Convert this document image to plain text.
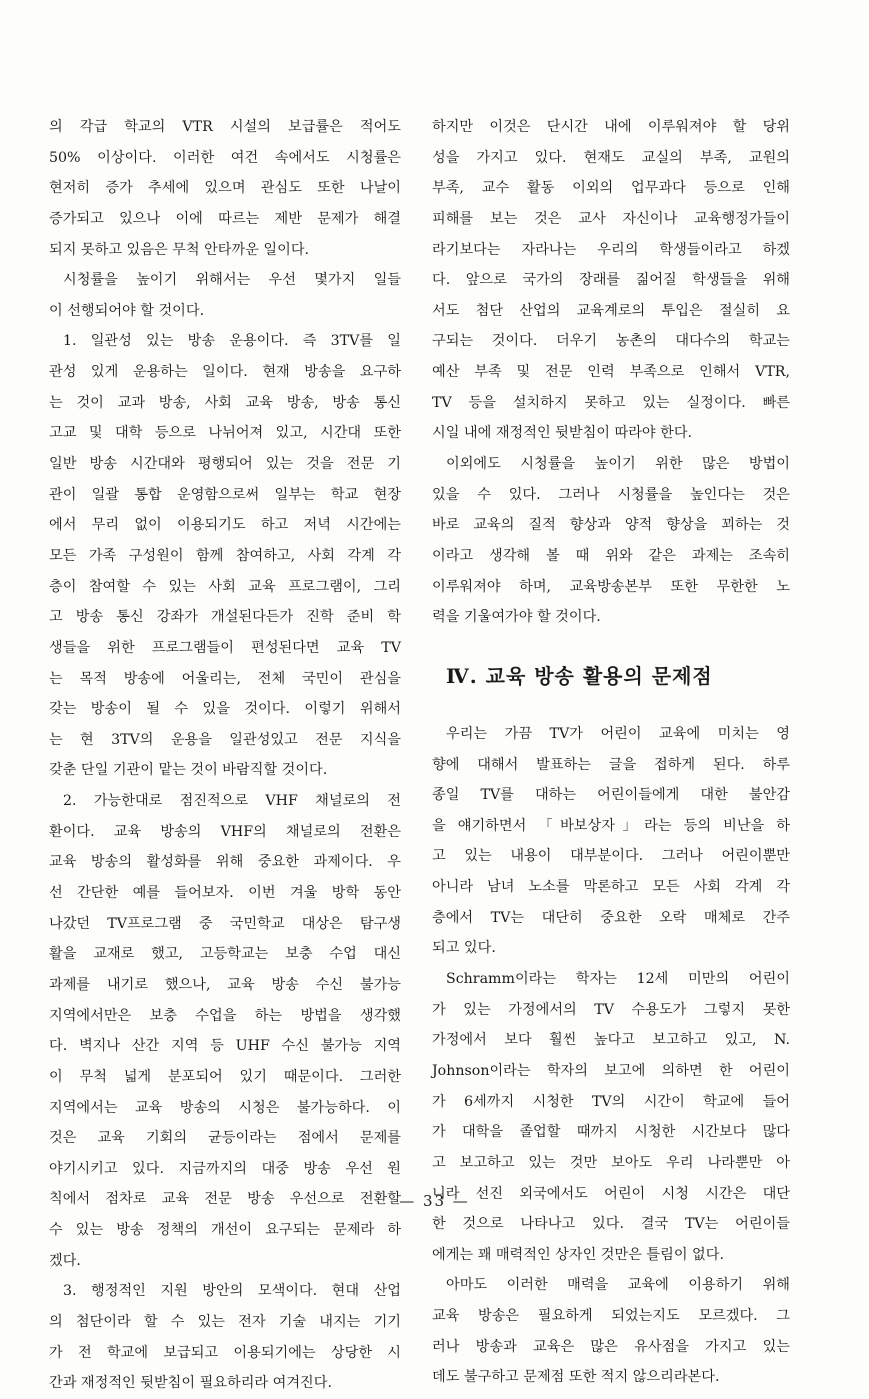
의 각급 학교의 VTR 시설의 보급률은 적어도
50% 이상이다. 이러한 여건 속에서도 시청률은
현저히 증가 추세에 있으며 관심도 또한 나날이
증가되고 있으나 이에 따르는 제반 문제가 해결
되지 못하고 있음은 무척 안타까운 일이다.
시청률을 높이기 위해서는 우선 몇가지 일들
이 선행되어야 할 것이다.
1. 일관성 있는 방송 운용이다. 즉 3TV를 일
관성 있게 운용하는 일이다. 현재 방송을 요구하
는 것이 교과 방송, 사회 교육 방송, 방송 통신
고교 및 대학 등으로 나뉘어져 있고, 시간대 또한
일반 방송 시간대와 평행되어 있는 것을 전문 기
관이 일괄 통합 운영함으로써 일부는 학교 현장
에서 무리 없이 이용되기도 하고 저녁 시간에는
모든 가족 구성원이 함께 참여하고, 사회 각계 각
층이 참여할 수 있는 사회 교육 프로그램이, 그리
고 방송 통신 강좌가 개설된다든가 진학 준비 학
생들을 위한 프로그램들이 편성된다면 교육 TV
는 목적 방송에 어울리는, 전체 국민이 관심을
갖는 방송이 될 수 있을 것이다. 이렇기 위해서
는 현 3TV의 운용을 일관성있고 전문 지식을
갖춘 단일 기관이 맡는 것이 바람직할 것이다.
2. 가능한대로 점진적으로 VHF 채널로의 전
환이다. 교육 방송의 VHF의 채널로의 전환은
교육 방송의 활성화를 위해 중요한 과제이다. 우
선 간단한 예를 들어보자. 이번 겨울 방학 동안
나갔던 TV프로그램 중 국민학교 대상은 탐구생
활을 교재로 했고, 고등학교는 보충 수업 대신
과제를 내기로 했으나, 교육 방송 수신 불가능
지역에서만은 보충 수업을 하는 방법을 생각했
다. 벽지나 산간 지역 등 UHF 수신 불가능 지역
이 무척 넓게 분포되어 있기 때문이다. 그러한
지역에서는 교육 방송의 시청은 불가능하다. 이
것은 교육 기회의 균등이라는 점에서 문제를
야기시키고 있다. 지금까지의 대중 방송 우선 원
칙에서 점차로 교육 전문 방송 우선으로 전환할
수 있는 방송 정책의 개선이 요구되는 문제라 하
겠다.
3. 행정적인 지원 방안의 모색이다. 현대 산업
의 첨단이라 할 수 있는 전자 기술 내지는 기기
가 전 학교에 보급되고 이용되기에는 상당한 시
간과 재정적인 뒷받침이 필요하리라 여겨진다.
하지만 이것은 단시간 내에 이루워져야 할 당위
성을 가지고 있다. 현재도 교실의 부족, 교원의
부족, 교수 활동 이외의 업무과다 등으로 인해
피해를 보는 것은 교사 자신이나 교육행정가들이
라기보다는 자라나는 우리의 학생들이라고 하겠
다. 앞으로 국가의 장래를 짊어질 학생들을 위해
서도 첨단 산업의 교육계로의 투입은 절실히 요
구되는 것이다. 더우기 농촌의 대다수의 학교는
예산 부족 및 전문 인력 부족으로 인해서 VTR,
TV 등을 설치하지 못하고 있는 실정이다. 빠른
시일 내에 재정적인 뒷받침이 따라야 한다.
이외에도 시청률을 높이기 위한 많은 방법이
있을 수 있다. 그러나 시청률을 높인다는 것은
바로 교육의 질적 향상과 양적 향상을 꾀하는 것
이라고 생각해 볼 때 위와 같은 과제는 조속히
이루워져야 하며, 교육방송본부 또한 무한한 노
력을 기울여가야 할 것이다.
Ⅳ. 교육 방송 활용의 문제점
우리는 가끔 TV가 어린이 교육에 미치는 영
향에 대해서 발표하는 글을 접하게 된다. 하루
종일 TV를 대하는 어린이들에게 대한 불안감
을 얘기하면서 「바보상자」라는 등의 비난을 하
고 있는 내용이 대부분이다. 그러나 어린이뿐만
아니라 남녀 노소를 막론하고 모든 사회 각계 각
층에서 TV는 대단히 중요한 오락 매체로 간주
되고 있다.
Schramm이라는 학자는 12세 미만의 어린이
가 있는 가정에서의 TV 수용도가 그렇지 못한
가정에서 보다 훨씬 높다고 보고하고 있고, N.
Johnson이라는 학자의 보고에 의하면 한 어린이
가 6세까지 시청한 TV의 시간이 학교에 들어
가 대학을 졸업할 때까지 시청한 시간보다 많다
고 보고하고 있는 것만 보아도 우리 나라뿐만 아
니라 선진 외국에서도 어린이 시청 시간은 대단
한 것으로 나타나고 있다. 결국 TV는 어린이들
에게는 꽤 매력적인 상자인 것만은 틀림이 없다.
아마도 이러한 매력을 교육에 이용하기 위해
교육 방송은 필요하게 되었는지도 모르겠다. 그
러나 방송과 교육은 많은 유사점을 가지고 있는
데도 불구하고 문제점 또한 적지 않으리라본다.
— 33 —
